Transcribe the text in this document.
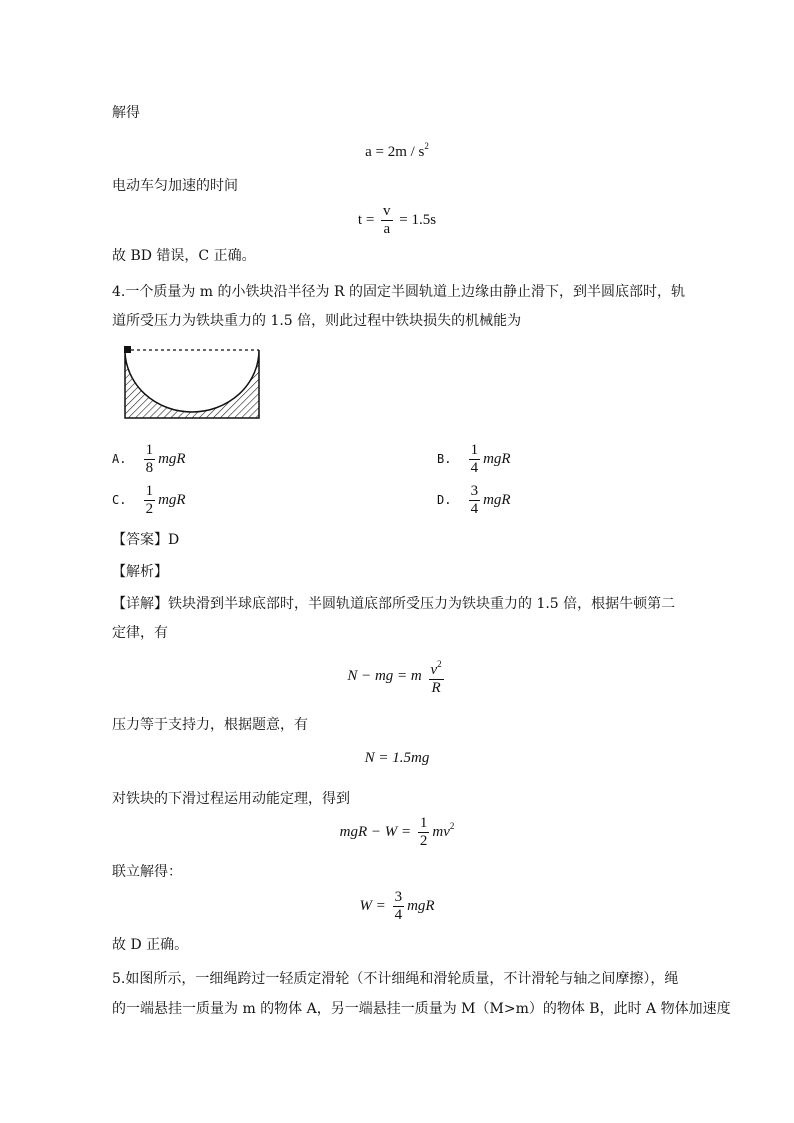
解得
$a = 2m / s^2$
电动车匀加速的时间
$t = \frac{v}{a} = 1.5s$
故 BD 错误，C 正确。
4.一个质量为 m 的小铁块沿半径为 R 的固定半圆轨道上边缘由静止滑下，到半圆底部时，轨
道所受压力为铁块重力的 1.5 倍，则此过程中铁块损失的机械能为
A. $\frac{1}{8}$ mgR	B. $\frac{1}{4}$ mgR
C. $\frac{1}{2}$ mgR	D. $\frac{3}{4}$ mgR
【答案】D
【解析】
【详解】铁块滑到半球底部时，半圆轨道底部所受压力为铁块重力的 1.5 倍，根据牛顿第二
定律，有
N − mg = m $\frac{v^2}{R}$
压力等于支持力，根据题意，有
N = 1.5mg
对铁块的下滑过程运用动能定理，得到
mgR − $W = \frac{1}{2} mv^2$
联立解得：
$W = \frac{3}{4}$ mgR
故 D 正确。
5.如图所示，一细绳跨过一轻质定滑轮（不计细绳和滑轮质量，不计滑轮与轴之间摩擦），绳
的一端悬挂一质量为 m 的物体 A，另一端悬挂一质量为 M（M>m）的物体 B，此时 A 物体加速度
